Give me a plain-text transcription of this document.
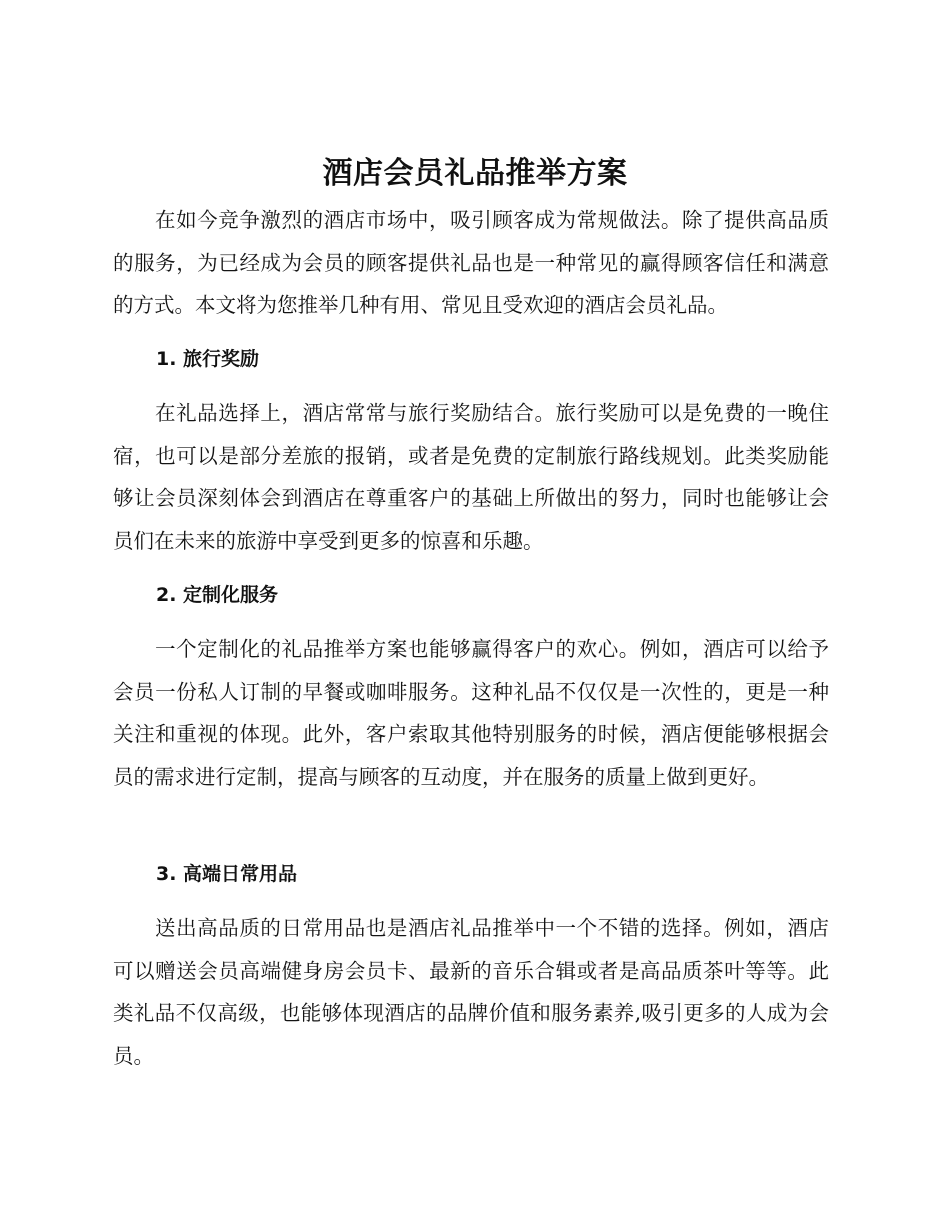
酒店会员礼品推举方案

在如今竞争激烈的酒店市场中，吸引顾客成为常规做法。除了提供高品质的服务，为已经成为会员的顾客提供礼品也是一种常见的赢得顾客信任和满意的方式。本文将为您推举几种有用、常见且受欢迎的酒店会员礼品。

1. 旅行奖励

在礼品选择上，酒店常常与旅行奖励结合。旅行奖励可以是免费的一晚住宿，也可以是部分差旅的报销，或者是免费的定制旅行路线规划。此类奖励能够让会员深刻体会到酒店在尊重客户的基础上所做出的努力，同时也能够让会员们在未来的旅游中享受到更多的惊喜和乐趣。

2. 定制化服务

一个定制化的礼品推举方案也能够赢得客户的欢心。例如，酒店可以给予会员一份私人订制的早餐或咖啡服务。这种礼品不仅仅是一次性的，更是一种关注和重视的体现。此外，客户索取其他特别服务的时候，酒店便能够根据会员的需求进行定制，提高与顾客的互动度，并在服务的质量上做到更好。

3. 高端日常用品

送出高品质的日常用品也是酒店礼品推举中一个不错的选择。例如，酒店可以赠送会员高端健身房会员卡、最新的音乐合辑或者是高品质茶叶等等。此类礼品不仅高级，也能够体现酒店的品牌价值和服务素养,吸引更多的人成为会员。
